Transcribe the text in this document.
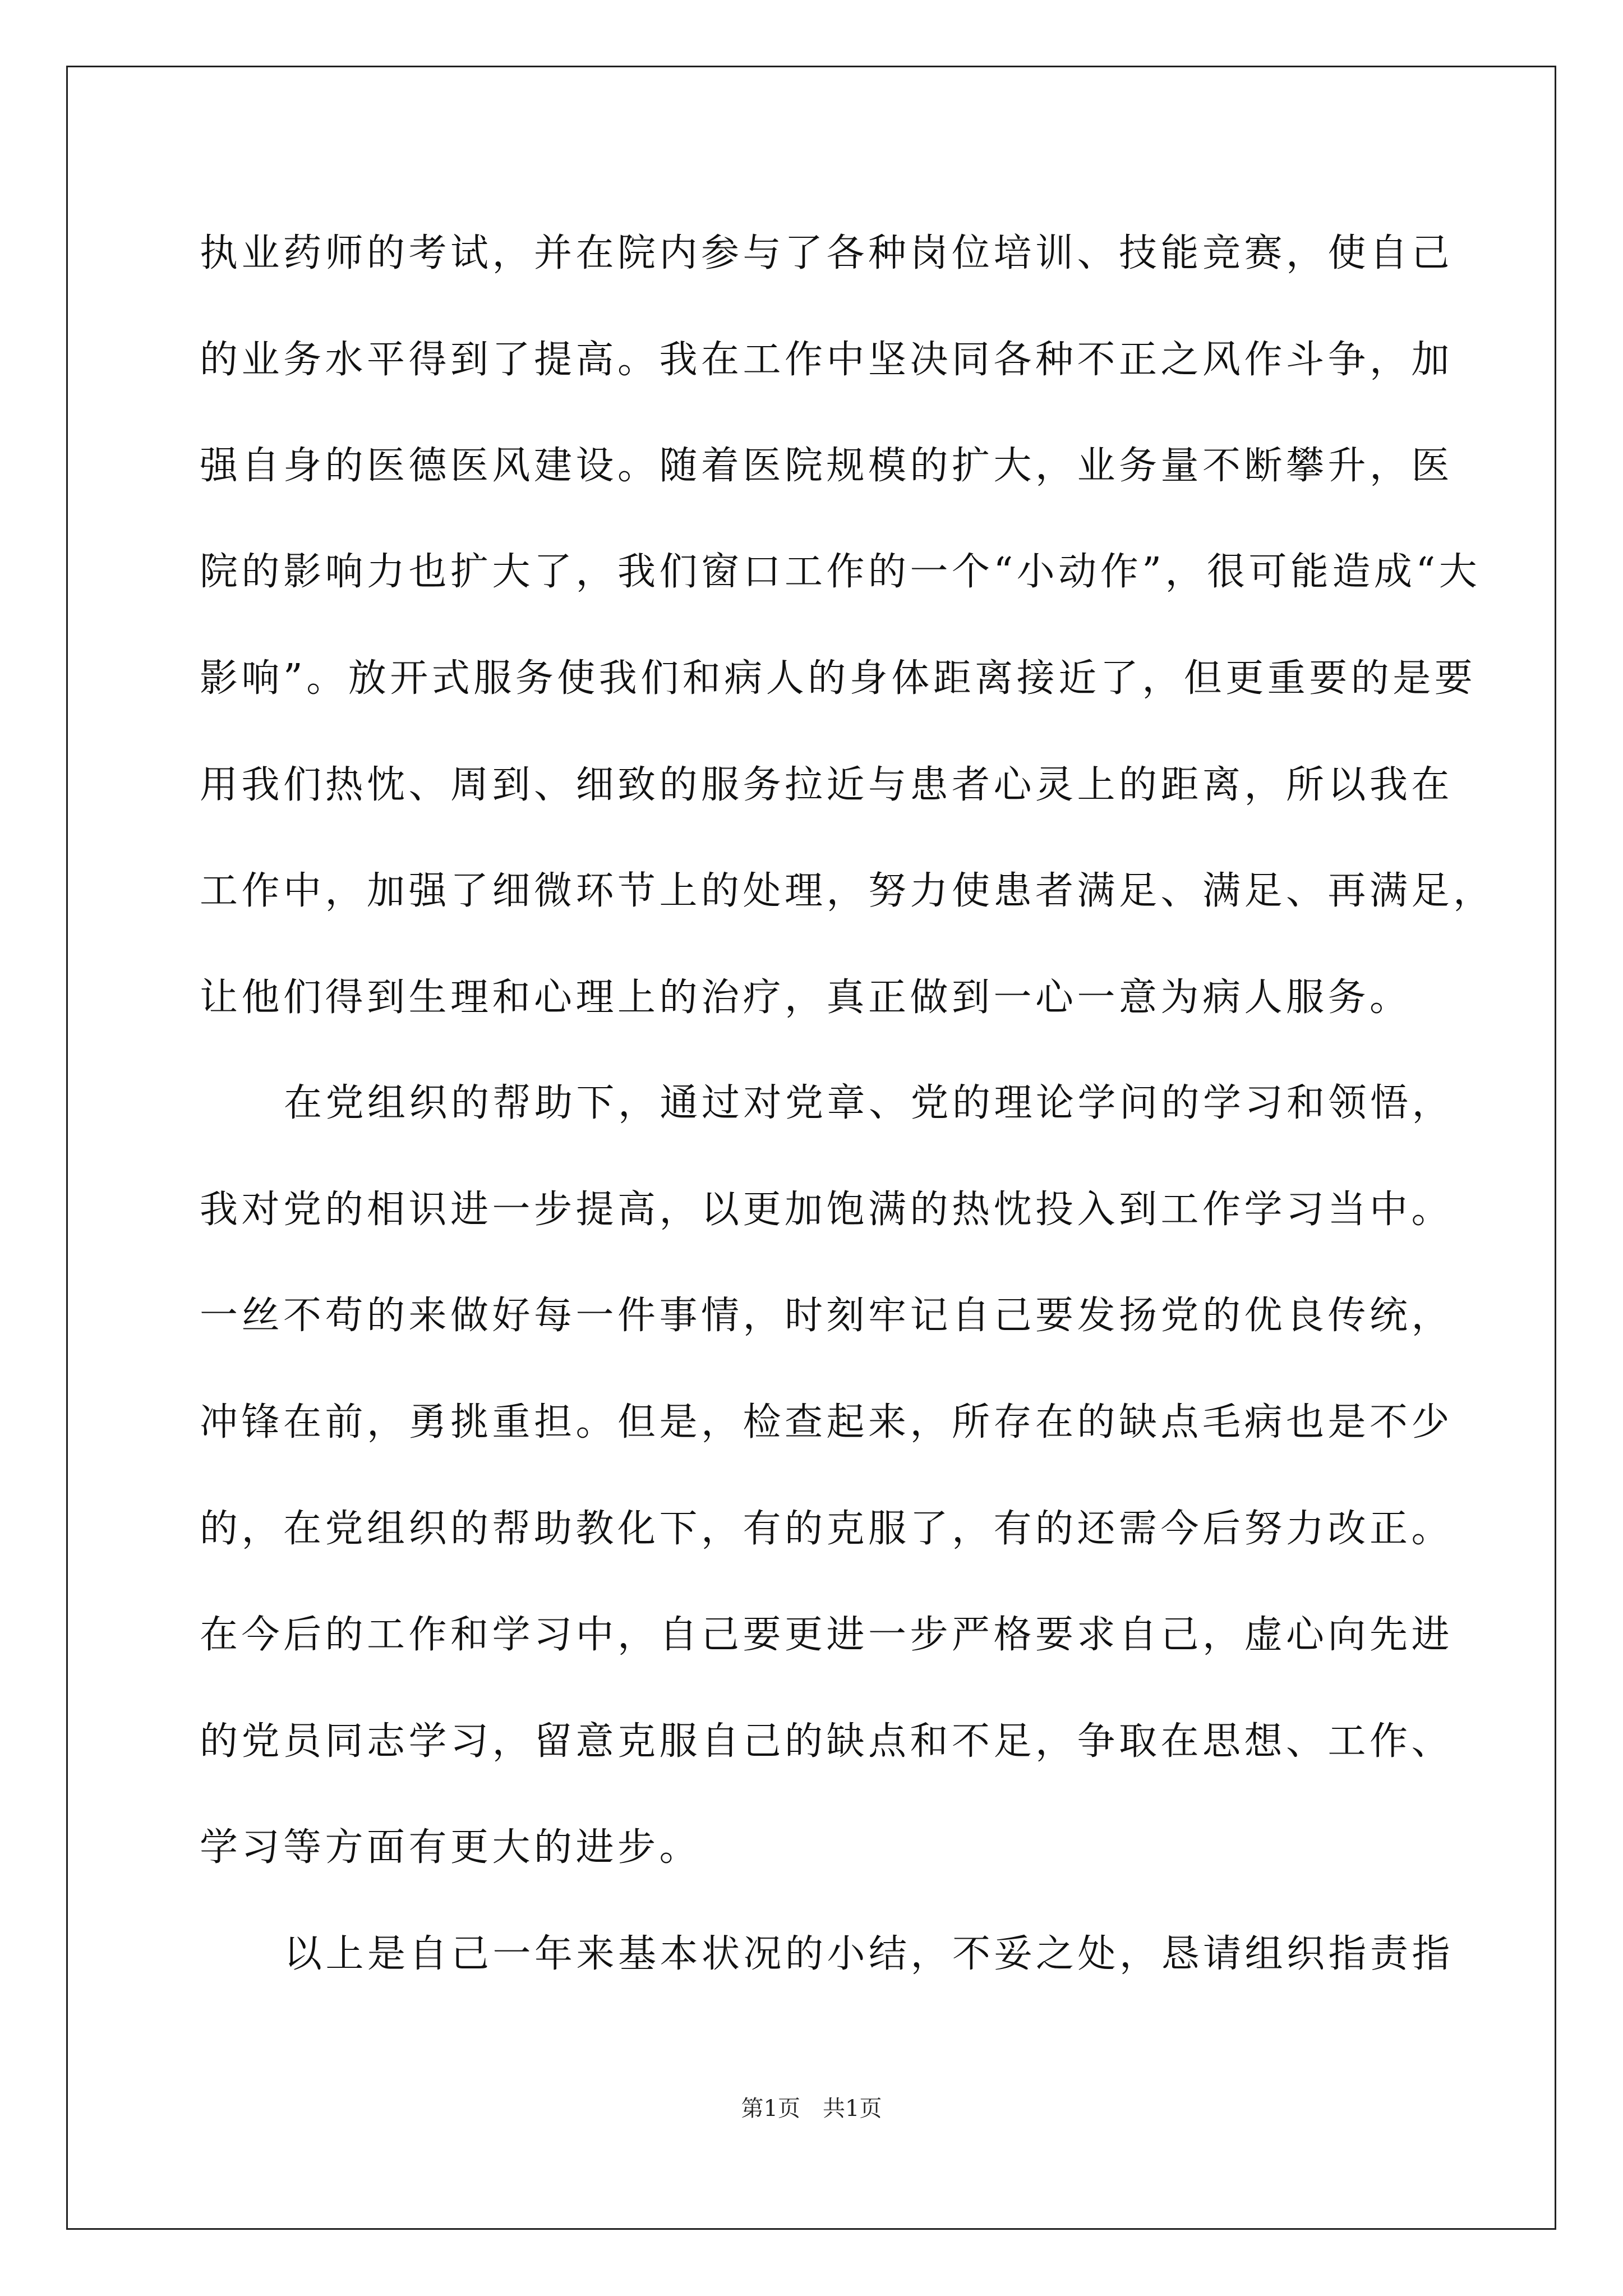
执业药师的考试，并在院内参与了各种岗位培训、技能竞赛，使自己
的业务水平得到了提高。我在工作中坚决同各种不正之风作斗争，加
强自身的医德医风建设。随着医院规模的扩大，业务量不断攀升，医
院的影响力也扩大了，我们窗口工作的一个“小动作”，很可能造成“大
影响”。放开式服务使我们和病人的身体距离接近了，但更重要的是要
用我们热忱、周到、细致的服务拉近与患者心灵上的距离，所以我在
工作中，加强了细微环节上的处理，努力使患者满足、满足、再满足，
让他们得到生理和心理上的治疗，真正做到一心一意为病人服务。
在党组织的帮助下，通过对党章、党的理论学问的学习和领悟，
我对党的相识进一步提高，以更加饱满的热忱投入到工作学习当中。
一丝不苟的来做好每一件事情，时刻牢记自己要发扬党的优良传统，
冲锋在前，勇挑重担。但是，检查起来，所存在的缺点毛病也是不少
的，在党组织的帮助教化下，有的克服了，有的还需今后努力改正。
在今后的工作和学习中，自己要更进一步严格要求自己，虚心向先进
的党员同志学习，留意克服自己的缺点和不足，争取在思想、工作、
学习等方面有更大的进步。
以上是自己一年来基本状况的小结，不妥之处，恳请组织指责指
第1页　共1页
